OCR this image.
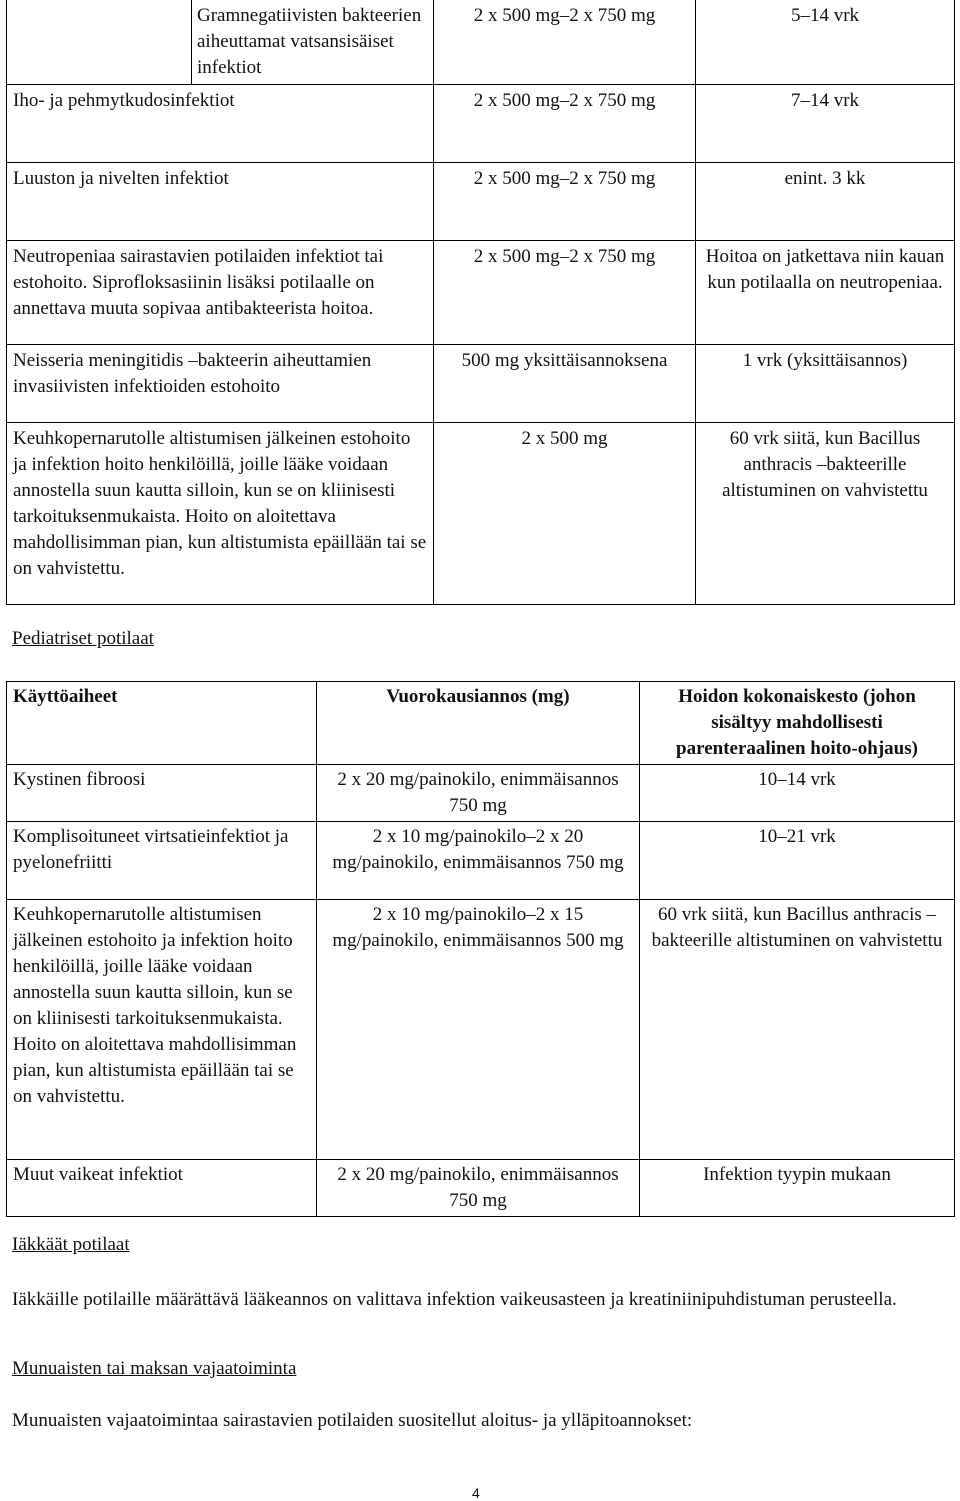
Gramnegatiivisten bakteerien aiheuttamat vatsansisäiset infektiot	2 x 500 mg–2 x 750 mg	5–14 vrk
Iho- ja pehmytkudosinfektiot	2 x 500 mg–2 x 750 mg	7–14 vrk
Luuston ja nivelten infektiot	2 x 500 mg–2 x 750 mg	enint. 3 kk
Neutropeniaa sairastavien potilaiden infektiot tai estohoito. Siprofloksasiinin lisäksi potilaalle on annettava muuta sopivaa antibakteerista hoitoa.	2 x 500 mg–2 x 750 mg	Hoitoa on jatkettava niin kauan kun potilaalla on neutropeniaa.
Neisseria meningitidis –bakteerin aiheuttamien invasiivisten infektioiden estohoito	500 mg yksittäisannoksena	1 vrk (yksittäisannos)
Keuhkopernarutolle altistumisen jälkeinen estohoito ja infektion hoito henkilöillä, joille lääke voidaan annostella suun kautta silloin, kun se on kliinisesti tarkoituksenmukaista. Hoito on aloitettava mahdollisimman pian, kun altistumista epäillään tai se on vahvistettu.	2 x 500 mg	60 vrk siitä, kun Bacillus anthracis –bakteerille altistuminen on vahvistettu
Pediatriset potilaat
Käyttöaiheet	Vuorokausiannos (mg)	Hoidon kokonaiskesto (johon sisältyy mahdollisesti parenteraalinen hoito-ohjaus)
Kystinen fibroosi	2 x 20 mg/painokilo, enimmäisannos 750 mg	10–14 vrk
Komplisoituneet virtsatieinfektiot ja pyelonefriitti	2 x 10 mg/painokilo–2 x 20 mg/painokilo, enimmäisannos 750 mg	10–21 vrk
Keuhkopernarutolle altistumisen jälkeinen estohoito ja infektion hoito henkilöillä, joille lääke voidaan annostella suun kautta silloin, kun se on kliinisesti tarkoituksenmukaista. Hoito on aloitettava mahdollisimman pian, kun altistumista epäillään tai se on vahvistettu.	2 x 10 mg/painokilo–2 x 15 mg/painokilo, enimmäisannos 500 mg	60 vrk siitä, kun Bacillus anthracis –bakteerille altistuminen on vahvistettu
Muut vaikeat infektiot	2 x 20 mg/painokilo, enimmäisannos 750 mg	Infektion tyypin mukaan
Iäkkäät potilaat
Iäkkäille potilaille määrättävä lääkeannos on valittava infektion vaikeusasteen ja kreatiniinipuhdistuman perusteella.
Munuaisten tai maksan vajaatoiminta
Munuaisten vajaatoimintaa sairastavien potilaiden suositellut aloitus- ja ylläpitoannokset:
4
